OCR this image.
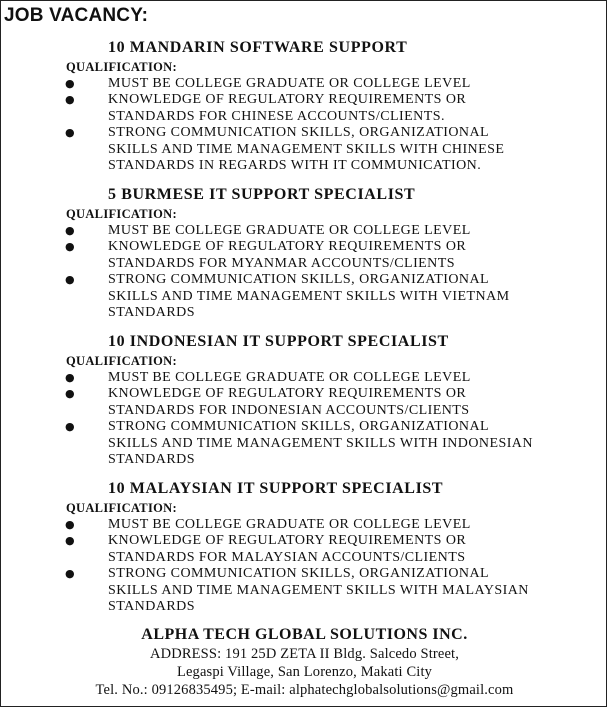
JOB VACANCY:
10 MANDARIN SOFTWARE SUPPORT
QUALIFICATION:
● MUST BE COLLEGE GRADUATE OR COLLEGE LEVEL
● KNOWLEDGE OF REGULATORY REQUIREMENTS OR
STANDARDS FOR CHINESE ACCOUNTS/CLIENTS.
● STRONG COMMUNICATION SKILLS, ORGANIZATIONAL
SKILLS AND TIME MANAGEMENT SKILLS WITH CHINESE
STANDARDS IN REGARDS WITH IT COMMUNICATION.
5 BURMESE IT SUPPORT SPECIALIST
QUALIFICATION:
● MUST BE COLLEGE GRADUATE OR COLLEGE LEVEL
● KNOWLEDGE OF REGULATORY REQUIREMENTS OR
STANDARDS FOR MYANMAR ACCOUNTS/CLIENTS
● STRONG COMMUNICATION SKILLS, ORGANIZATIONAL
SKILLS AND TIME MANAGEMENT SKILLS WITH VIETNAM
STANDARDS
10 INDONESIAN IT SUPPORT SPECIALIST
QUALIFICATION:
● MUST BE COLLEGE GRADUATE OR COLLEGE LEVEL
● KNOWLEDGE OF REGULATORY REQUIREMENTS OR
STANDARDS FOR INDONESIAN ACCOUNTS/CLIENTS
● STRONG COMMUNICATION SKILLS, ORGANIZATIONAL
SKILLS AND TIME MANAGEMENT SKILLS WITH INDONESIAN
STANDARDS
10 MALAYSIAN IT SUPPORT SPECIALIST
QUALIFICATION:
● MUST BE COLLEGE GRADUATE OR COLLEGE LEVEL
● KNOWLEDGE OF REGULATORY REQUIREMENTS OR
STANDARDS FOR MALAYSIAN ACCOUNTS/CLIENTS
● STRONG COMMUNICATION SKILLS, ORGANIZATIONAL
SKILLS AND TIME MANAGEMENT SKILLS WITH MALAYSIAN
STANDARDS
ALPHA TECH GLOBAL SOLUTIONS INC.
ADDRESS: 191 25D ZETA II Bldg. Salcedo Street,
Legaspi Village, San Lorenzo, Makati City
Tel. No.: 09126835495; E-mail: alphatechglobalsolutions@gmail.com
